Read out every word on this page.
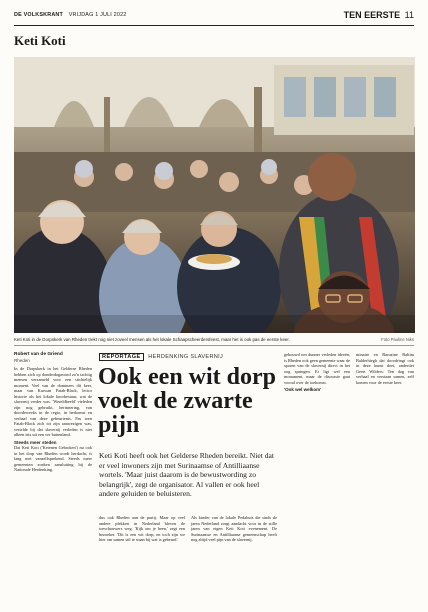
DE VOLKSKRANT VRIJDAG 1 JULI 2022	TEN EERSTE 11
Keti Koti
Keti Koti in de Dorpskerk van Rheden trekt nog niet zoveel mensen als het lokale Schaapscheerdersfeest, maar het is ook pas de eerste keer.	Foto Pauline Niks
Robert van de Griend
Rheden
In de Dorpskerk in het Gelderse Rheden hebben zich op donderdagavond zo'n tachtig mensen verzameld voor een stichtelijk moment. Veel van de dominees dit keer, maar van Karwan Fatah-Black, lector historie als het lokale koorbestuur, wat de slavernij verder was. 'Wereldbeeld' vieleden zijn nog gebruikt, herinnering, van doordeweeks in de regio, in herkomst en verhaal van deze gebeurtenis. Pas toen Fatah-Black zich tot zijn aanwezigen was, vertelde hij dat slavernij verleden is niet alleen iets uit een ver buitenland.
Steeds meer steden
Dat Keti Koti ('Ketenen Gebroken') nu ook in het dorp van Rheden wordt herdacht, is lang niet vanzelfsprekend. Steeds meer gemeenten zoeken aansluiting bij de Nationale Herdenking.
REPORTAGE HERDENKING SLAVERNIJ
Ook een wit dorp voelt de zwarte pijn
Keti Koti heeft ook het Gelderse Rheden bereikt. Niet dat er veel inwoners zijn met Surinaamse of Antilliaanse wortels. 'Maar juist daarom is de bewustwording zo belangrijk', zegt de organisator. Al vallen er ook heel andere geluiden te beluisteren.
dus ook Rheden aan de partij. Maar op veel andere plekken in Nederland bleven de toeschouwers weg. 'Kijk om je heen,' zegt een bezoeker. 'Dit is een wit dorp, en toch zijn we hier om samen stil te staan bij wat is gebeurd.'
Als kinder van de lokale Pedahuis die sinds de jaren Nederland zorgt aandacht voor in de stille jaren van eigen Keti Koti evenement. De Surinaamse en Antilliaanse gemeenschap heeft nog altijd veel pijn van de slavernij.
gebouwd om dunner verleden ideeën, is Rheden ook geen gemeente waar de sporen van de slavernij direct in het oog springen. Er ligt wel een monument, maar de discussie gaat vooral over de toekomst.
'Ook wel welkom'
minaire en Baruzine Baltim Balderhiegh dat doordringt ook in deze kunst doet, ondertiet Geert Wilders: Ten dag van verhaal en verstaan samen, zelf komen voor de eerste keer.
